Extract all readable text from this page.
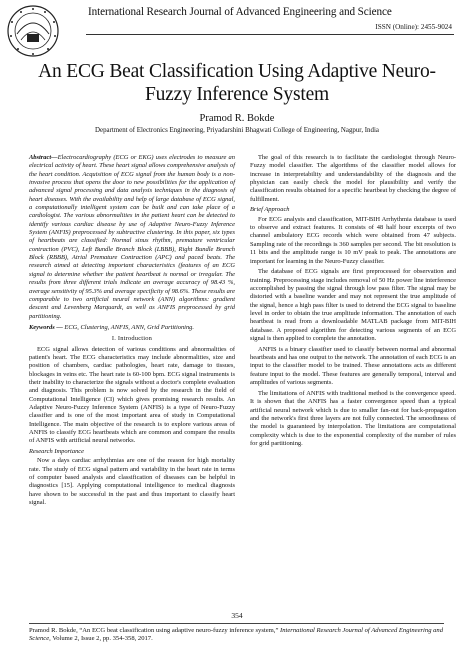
International Research Journal of Advanced Engineering and Science
ISSN (Online): 2455-9024
An ECG Beat Classification Using Adaptive Neuro-Fuzzy Inference System
Pramod R. Bokde
Department of Electronics Engineering, Priyadarshini Bhagwati College of Engineering, Nagpur, India

Abstract—Electrocardiography (ECG or EKG) uses electrodes to measure an electrical activity of heart. These heart signal allows comprehensive analysis of the heart condition. Acquisition of ECG signal from the human body is a non-invasive process that opens the door to new possibilities for the application of advanced signal processing and data analysis techniques in the diagnosis of heart diseases. With the availability and help of large database of ECG signal, a computationally intelligent system can be built and can take place of a cardiologist. The various abnormalities in the patient heart can be detected to identify various cardiac disease by use of Adaptive Neuro-Fuzzy Inference System (ANFIS) preprocessed by subtractive clustering. In this paper, six types of heartbeats are classified: Normal sinus rhythm, premature ventricular contraction (PVC), Left Bundle Branch Block (LBBB), Right Bundle Branch Block (RBBB), Atrial Premature Contraction (APC) and paced beats. The research aimed at detecting important characteristics (features of an ECG signal to determine whether the patient heartbeat is normal or irregular. The results from three different trials indicate an average accuracy of 98.43 %, average sensitivity of 95.3% and average specificity of 98.6%. These results are comparable to two artificial neural network (ANN) algorithms: gradient descent and Levenberg Marquardt, as well as ANFIS preprocessed by grid partitioning.

Keywords — ECG, Clustering, ANFIS, ANN, Grid Partitioning.

I. Introduction

ECG signal allows detection of various conditions and abnormalities of patient's heart. The ECG characteristics may include abnormalities, size and position of chambers, cardiac pathologies, heart rate, damage to tissues, blockages in veins etc. The heart rate is 60-100 bpm. ECG signal instruments is their inability to characterize the signals without a doctor's complete evaluation and diagnosis. This problem is now solved by the research in the field of Computational Intelligence (CI) which gives promising research results. An Adaptive Neuro-Fuzzy Inference System (ANFIS) is a type of Neuro-Fuzzy classifier and is one of the most important area of study in Computational Intelligence. The main objective of the research is to explore various areas of ANFIS to classify ECG heartbeats which are common and compare the results of ANFIS with artificial neural networks.

Research Importance

Now a days cardiac arrhythmias are one of the reason for high mortality rate. The study of ECG signal pattern and variability in the heart rate in terms of computer based analysis and classification of diseases can be helpful in diagnostics [15]. Applying computational intelligence to medical diagnosis have shown to be successful in the past and thus important to classify heart signal.

The goal of this research is to facilitate the cardiologist through Neuro-Fuzzy model classifier. The algorithms of the classifier model allows for increase in interpretability and understandability of the diagnosis and the physician can easily check the model for plausibility and verify the classification results obtained for a specific heartbeat by checking the degree of fulfillment.

Brief Approach

For ECG analysis and classification, MIT-BIH Arrhythmia database is used to observe and extract features. It consists of 48 half hour excerpts of two channel ambulatory ECG records which were obtained from 47 subjects. Sampling rate of the recordings is 360 samples per second. The bit resolution is 11 bits and the amplitude range is 10 mV peak to peak. The annotations are important for learning in the Neuro-Fuzzy classifier.

The database of ECG signals are first preprocessed for observation and training. Preprocessing stage includes removal of 50 Hz power line interference accomplished by passing the signal through low pass filter. The signal may be distorted with a baseline wander and may not represent the true amplitude of the signal, hence a high pass filter is used to detrend the ECG signal to baseline level in order to obtain the true amplitude information. The annotation of each heartbeat is read from a downloadable MATLAB package from MIT-BIH database. A proposed algorithm for detecting various segments of an ECG signal is then applied to complete the annotation.

ANFIS is a binary classifier used to classify between normal and abnormal heartbeats and has one output to the network. The annotation of each ECG is an input to the classifier model to be trained. These annotations acts as different feature input to the model. These features are generally temporal, interval and amplitudes of various segments.

The limitations of ANFIS with traditional method is the convergence speed. It is shown that the ANFIS has a faster convergence speed than a typical artificial neural network which is due to smaller fan-out for back-propagation and the network's first three layers are not fully connected. The smoothness of the model is guaranteed by interpolation. The limitations are computational complexity which is due to the exponential complexity of the number of rules for grid partitioning.

354
Pramod R. Bokde, “An ECG beat classification using adaptive neuro-fuzzy inference system,” International Research Journal of Advanced Engineering and Science, Volume 2, Issue 2, pp. 354-358, 2017.
